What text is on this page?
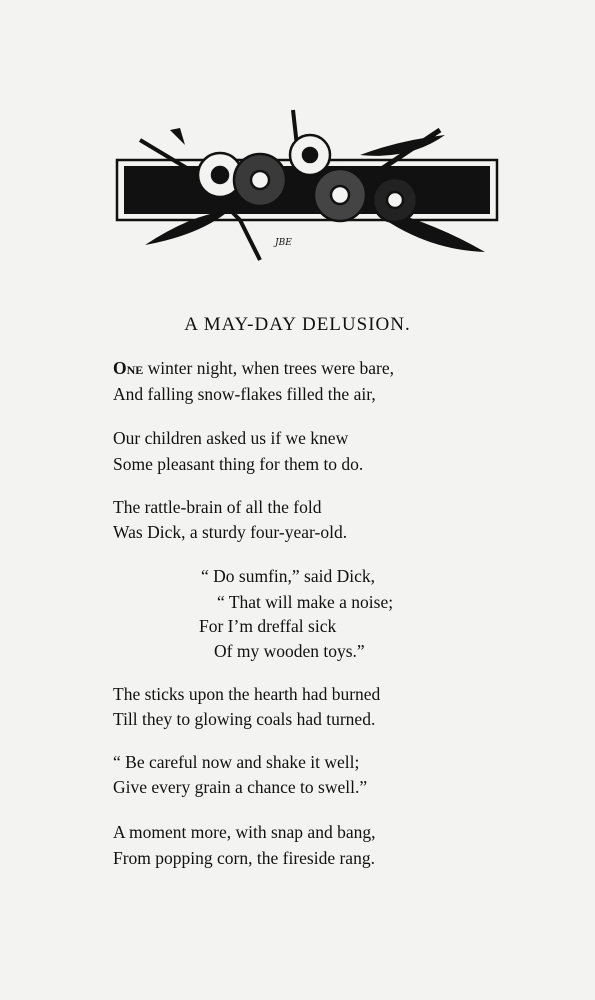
JBE
A MAY-DAY DELUSION.
One winter night, when trees were bare,
And falling snow-flakes filled the air,
Our children asked us if we knew
Some pleasant thing for them to do.
The rattle-brain of all the fold
Was Dick, a sturdy four-year-old.
“ Do sumfin,” said Dick,
“ That will make a noise;
For I’m dreffal sick
Of my wooden toys.”
The sticks upon the hearth had burned
Till they to glowing coals had turned.
“ Be careful now and shake it well;
Give every grain a chance to swell.”
A moment more, with snap and bang,
From popping corn, the fireside rang.
